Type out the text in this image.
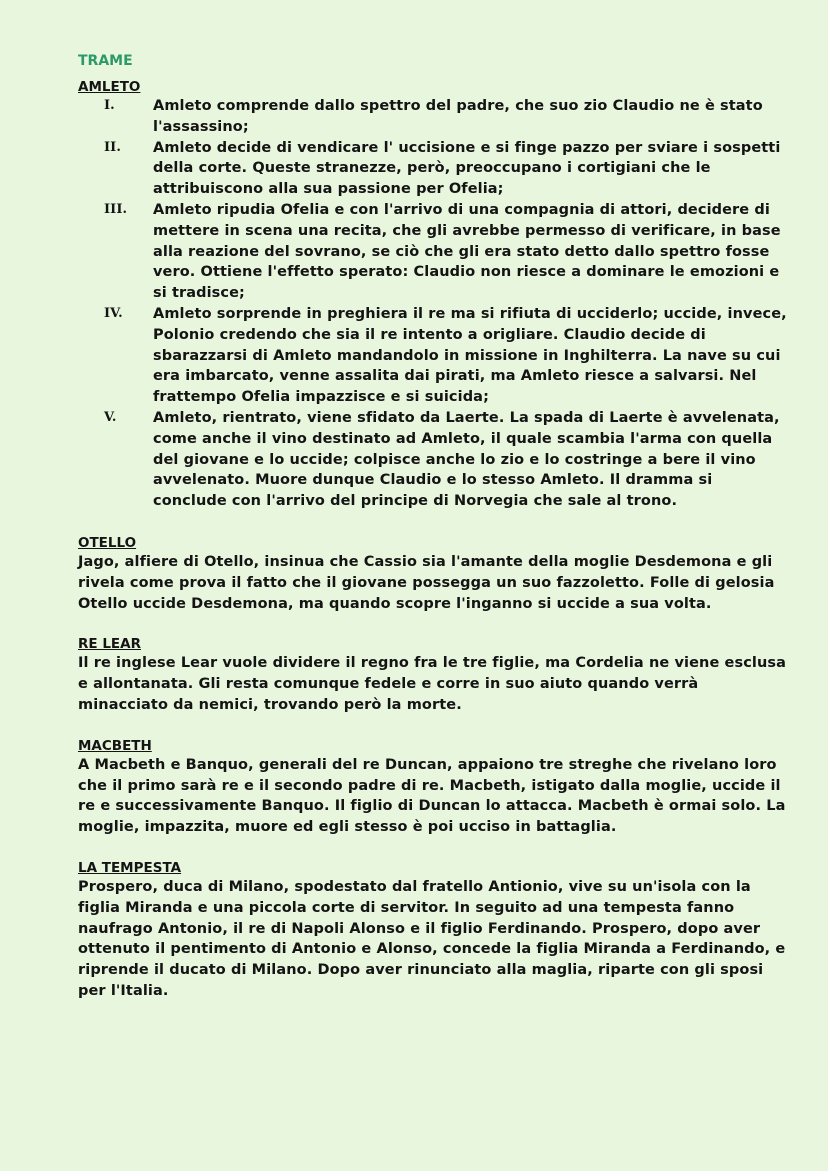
TRAME
AMLETO
I.	Amleto comprende dallo spettro del padre, che suo zio Claudio ne è stato l'assassino;
II.	Amleto decide di vendicare l' uccisione e si finge pazzo per sviare i sospetti della corte. Queste stranezze, però, preoccupano i cortigiani che le attribuiscono alla sua passione per Ofelia;
III.	Amleto ripudia Ofelia e con l'arrivo di una compagnia di attori, decidere di mettere in scena una recita, che gli avrebbe permesso di verificare, in base alla reazione del sovrano, se ciò che gli era stato detto dallo spettro fosse vero. Ottiene l'effetto sperato: Claudio non riesce a dominare le emozioni e si tradisce;
IV.	Amleto sorprende in preghiera il re ma si rifiuta di ucciderlo; uccide, invece, Polonio credendo che sia il re intento a origliare. Claudio decide di sbarazzarsi di Amleto mandandolo in missione in Inghilterra. La nave su cui era imbarcato, venne assalita dai pirati, ma Amleto riesce a salvarsi. Nel frattempo Ofelia impazzisce e si suicida;
V.	Amleto, rientrato, viene sfidato da Laerte. La spada di Laerte è avvelenata, come anche il vino destinato ad Amleto, il quale scambia l'arma con quella del giovane e lo uccide; colpisce anche lo zio e lo costringe a bere il vino avvelenato. Muore dunque Claudio e lo stesso Amleto. Il dramma si conclude con l'arrivo del principe di Norvegia che sale al trono.
OTELLO

Jago, alfiere di Otello, insinua che Cassio sia l'amante della moglie Desdemona e gli rivela come prova il fatto che il giovane possegga un suo fazzoletto. Folle di gelosia Otello uccide Desdemona, ma quando scopre l'inganno si uccide a sua volta.

RE LEAR

Il re inglese Lear vuole dividere il regno fra le tre figlie, ma Cordelia ne viene esclusa e allontanata. Gli resta comunque fedele e corre in suo aiuto quando verrà minacciato da nemici, trovando però la morte.

MACBETH

A Macbeth e Banquo, generali del re Duncan, appaiono tre streghe che rivelano loro che il primo sarà re e il secondo padre di re. Macbeth, istigato dalla moglie, uccide il re e successivamente Banquo. Il figlio di Duncan lo attacca. Macbeth è ormai solo. La moglie, impazzita, muore ed egli stesso è poi ucciso in battaglia.

LA TEMPESTA

Prospero, duca di Milano, spodestato dal fratello Antionio, vive su un'isola con la figlia Miranda e una piccola corte di servitor. In seguito ad una tempesta fanno naufrago Antonio, il re di Napoli Alonso e il figlio Ferdinando. Prospero, dopo aver ottenuto il pentimento di Antonio e Alonso, concede la figlia Miranda a Ferdinando, e riprende il ducato di Milano. Dopo aver rinunciato alla maglia, riparte con gli sposi per l'Italia.
